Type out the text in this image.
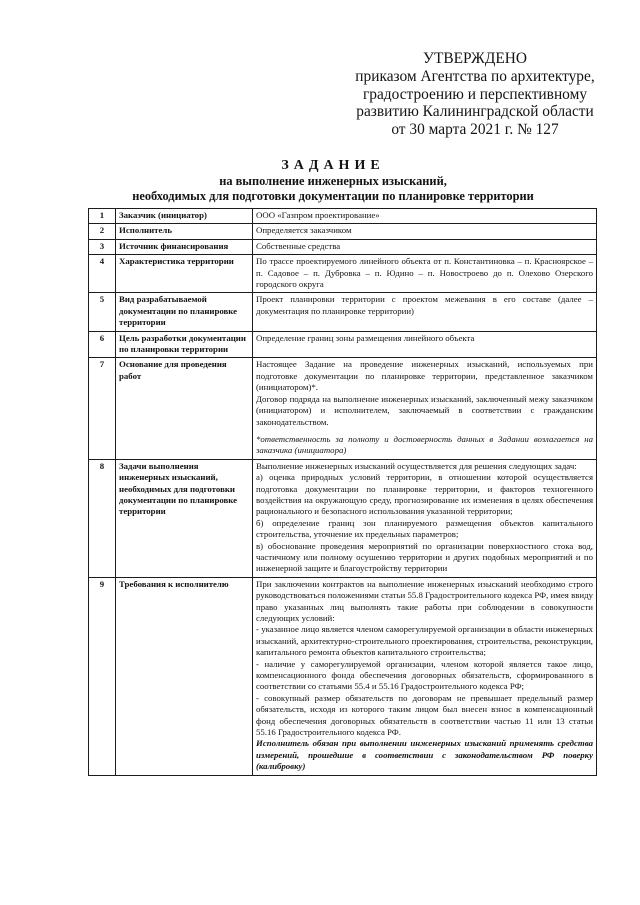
УТВЕРЖДЕНО
приказом Агентства по архитектуре,
градостроению и перспективному
развитию Калининградской области
от 30 марта 2021 г. № 127
ЗАДАНИЕ
на выполнение инженерных изысканий,
необходимых для подготовки документации по планировке территории
1	Заказчик (инициатор)	ООО «Газпром проектирование»

2	Исполнитель	Определяется заказчиком

3	Источник финансирования	Собственные средства

4	Характеристика территории	По трассе проектируемого линейного объекта от п. Константиновка – п. Красноярское – п. Садовое – п. Дубровка – п. Юдино – п. Новостроево до п. Олехово Озерского городского округа

5	Вид разрабатываемой документации по планировке территории	Проект планировки территории с проектом межевания в его составе (далее – документация по планировке территории)

6	Цель разработки документации по планировки территории	Определение границ зоны размещения линейного объекта

7	Основание для проведения работ	Настоящее Задание на проведение инженерных изысканий, используемых при подготовке документации по планировке территории, представленное заказчиком (инициатором)*.

Договор подряда на выполнение инженерных изысканий, заключенный межу заказчиком (инициатором) и исполнителем, заключаемый в соответствии с гражданским законодательством.

*ответственность за полноту и достоверность данных в Задании возлагается на заказчика (инициатора)

8	Задачи выполнения инженерных изысканий, необходимых для подготовки документации по планировке территории	Выполнение инженерных изысканий осуществляется для решения следующих задач:

а) оценка природных условий территории, в отношении которой осуществляется подготовка документации по планировке территории, и факторов техногенного воздействия на окружающую среду, прогнозирование их изменения в целях обеспечения рационального и безопасного использования указанной территории;

б) определение границ зон планируемого размещения объектов капитального строительства, уточнение их предельных параметров;

в) обоснование проведения мероприятий по организации поверхностного стока вод, частичному или полному осушению территории и других подобных мероприятий и по инженерной защите и благоустройству территории

9	Требования к исполнителю	При заключении контрактов на выполнение инженерных изысканий необходимо строго руководствоваться положениями статьи 55.8 Градостроительного кодекса РФ, имея ввиду право указанных лиц выполнять такие работы при соблюдении в совокупности следующих условий:

- указанное лицо является членом саморегулируемой организации в области инженерных изысканий, архитектурно-строительного проектирования, строительства, реконструкции, капитального ремонта объектов капитального строительства;

- наличие у саморегулируемой организации, членом которой является такое лицо, компенсационного фонда обеспечения договорных обязательств, сформированного в соответствии со статьями 55.4 и 55.16 Градостроительного кодекса РФ;

- совокупный размер обязательств по договорам не превышает предельный размер обязательств, исходя из которого таким лицом был внесен взнос в компенсационный фонд обеспечения договорных обязательств в соответствии частью 11 или 13 статьи 55.16 Градостроительного кодекса РФ.

Исполнитель обязан при выполнении инженерных изысканий применять средства измерений, прошедшие в соответствии с законодательством РФ поверку (калибровку)
